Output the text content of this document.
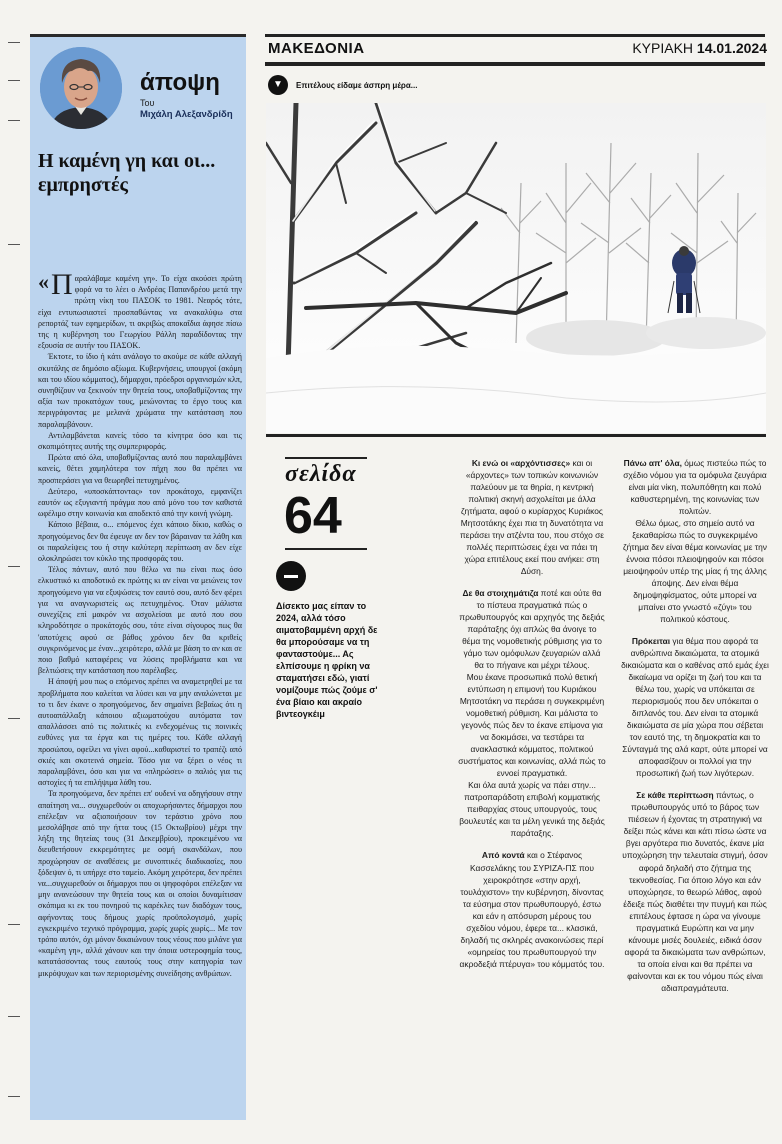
άποψη
Του
Μιχάλη Αλεξανδρίδη
Η καμένη γη και οι... εμπρηστές

« Π αραλάβαμε καμένη γη». Το είχα ακούσει πρώτη φορά να το λέει ο Ανδρέας Παπανδρέου μετά την πρώτη νίκη του ΠΑΣΟΚ το 1981. Νεαρός τότε, είχα εντυπωσιαστεί προσπαθώντας να ανακαλύψω στα ρεπορτάζ των εφημερίδων, τι ακριβώς αποκαΐδια άφησε πίσω της η κυβέρνηση του Γεωργίου Ράλλη παραδίδοντας την εξουσία σε αυτήν του ΠΑΣΟΚ.

Έκτοτε, το ίδιο ή κάτι ανάλογο το ακούμε σε κάθε αλλαγή σκυτάλης σε δημόσιο αξίωμα. Κυβερνήσεις, υπουργοί (ακόμη και του ιδίου κόμματος), δήμαρχοι, πρόεδροι οργανισμών κλπ, συνηθίζουν να ξεκινούν την θητεία τους, υποβαθμίζοντας την αξία των προκατόχων τους, μειώνοντας το έργο τους και περιγράφοντας με μελανά χρώματα την κατάσταση που παραλαμβάνουν.

Αντιλαμβάνεται κανείς τόσο τα κίνητρα όσο και τις σκοπιμότητες αυτής της συμπεριφοράς.

Πρώτα από όλα, υποβαθμίζοντας αυτό που παραλαμβάνει κανείς, θέτει χαμηλότερα τον πήχη που θα πρέπει να προσπεράσει για να θεωρηθεί πετυχημένος.

Δεύτερο, «υποσκάπτοντας» τον προκάτοχο, εμφανίζει εαυτόν ως εξυγιαντή πράγμα που από μόνο του τον καθιστά ωφέλιμο στην κοινωνία και αποδεκτό από την κοινή γνώμη.

Κάποιο βέβαια, ο... επόμενος έχει κάποιο δίκιο, καθώς ο προηγούμενος δεν θα έφευγε αν δεν τον βάραιναν τα λάθη και οι παραλείψεις του ή στην καλύτερη περίπτωση αν δεν είχε ολοκληρώσει τον κύκλο της προσφοράς του.

Τέλος πάντων, αυτό που θέλω να πω είναι πως όσο ελκυστικό κι αποδοτικό εκ πρώτης κι αν είναι να μειώνεις τον προηγούμενο για να εξυψώσεις τον εαυτό σου, αυτό δεν φέρει για να αναγνωριστείς ως πετυχημένος. Όταν μάλιστα συνεχίζεις επί μακρόν να ασχολείσαι με αυτό που σου κληροδότησε ο προκάτοχός σου, τότε είναι σίγουρος πως θα 'αποτύχεις αφού σε βάθος χρόνου δεν θα κριθείς συγκρινόμενος με έναν...χειρότερο, αλλά με βάση το αν και σε ποιο βαθμό καταφέρεις να λύσεις προβλήματα και να βελτιώσεις την κατάσταση που παρέλαβες.

Η άποψή μου πως ο επόμενος πρέπει να αναμετρηθεί με τα προβλήματα που καλείται να λύσει και να μην αναλώνεται με το τι δεν έκανε ο προηγούμενος, δεν σημαίνει βεβαίως ότι η αυτοαπάλλαξη κάποιου αξιωματούχου αυτόματα τον απαλλάσσει από τις πολιτικές κι ενδεχομένως τις ποινικές ευθύνες για τα έργα και τις ημέρες του. Κάθε αλλαγή προσώπου, οφείλει να γίνει αφού...καθαριστεί το τραπέζι από σκιές και σκοτεινά σημεία. Τόσο για να ξέρει ο νέος τι παραλαμβάνει, όσο και για να «πληρώσει» ο παλιός για τις αστοχίες ή τα επιλήψιμα λάθη του.

Τα προηγούμενα, δεν πρέπει επ' ουδενί να οδηγήσουν στην απαίτηση να... συγχωρεθούν οι αποχωρήσαντες δήμαρχοι που επέλεξαν να αξιοποιήσουν τον τεράστιο χρόνο που μεσολάβησε από την ήττα τους (15 Οκτωβρίου) μέχρι την λήξη της θητείας τους (31 Δεκεμβρίου), προκειμένου να διευθετήσουν εκκρεμότητες με οσμή σκανδάλων, που προχώρησαν σε αναθέσεις με συνοπτικές διαδικασίες, που ξόδεψαν ό, τι υπήρχε στο ταμείο. Ακόμη χειρότερα, δεν πρέπει να...συγχωρεθούν οι δήμαρχοι που οι ψηφοφόροι επέλεξαν να μην ανανεώσουν την θητεία τους και οι οποίοι δυναμίτισαν σκόπιμα κι εκ του πονηρού τις καρέκλες των διαδόχων τους, αφήνοντας τους δήμους χωρίς προϋπολογισμό, χωρίς εγκεκριμένο τεχνικό πρόγραμμα, χωρίς χωρίς χωρίς... Με τον τρόπο αυτόν, όχι μόνον δικαιώνουν τους νέους που μιλάνε για «καμένη γη», αλλά χάνουν και την όποια υστεροφημία τους, κατατάσσοντας τους εαυτούς τους στην κατηγορία των μικρόψυχων και των περιορισμένης συνείδησης ανθρώπων.

ΜΑΚΕΔΟΝΙΑ	ΚΥΡΙΑΚΗ 14.01.2024
▼	Επιτέλους είδαμε άσπρη μέρα...
σελίδα
64
Δίσεκτο μας είπαν το 2024, αλλά τόσο αιματοβαμμένη αρχή δε θα μπορούσαμε να τη φανταστούμε... Ας ελπίσουμε η φρίκη να σταματήσει εδώ, γιατί νομίζουμε πώς ζούμε σ' ένα βίαιο και ακραίο βιντεογκέιμ

Κι ενώ οι «αρχόντισσες» και οι «άρχοντες» των τοπικών κοινωνιών παλεύουν με τα θηρία, η κεντρική πολιτική σκηνή ασχολείται με άλλα ζητήματα, αφού ο κυρίαρχος Κυριάκος Μητσοτάκης έχει πια τη δυνατότητα να περάσει την ατζέντα του, που στόχο σε πολλές περιπτώσεις έχει να πάει τη χώρα επιτέλους εκεί που ανήκει: στη Δύση.

Δε θα στοιχημάτιζα ποτέ και ούτε θα το πίστευα πραγματικά πώς ο πρωθυπουργός και αρχηγός της δεξιάς παράταξης όχι απλώς θα άνοιγε το θέμα της νομοθετικής ρύθμισης για το γάμο των ομόφυλων ζευγαριών αλλά θα το πήγαινε και μέχρι τέλους.

Μου έκανε προσωπικά πολύ θετική εντύπωση η επιμονή του Κυριάκου Μητσοτάκη να περάσει η συγκεκριμένη νομοθετική ρύθμιση. Και μάλιστα το γεγονός πώς δεν το έκανε επίμονα για να δοκιμάσει, να τεστάρει τα ανακλαστικά κόμματος, πολιτικού συστήματος και κοινωνίας, αλλά πώς το εννοεί πραγματικά.

Και όλα αυτά χωρίς να πάει στην... πατροπαράδοτη επιβολή κομματικής πειθαρχίας στους υπουργούς, τους βουλευτές και τα μέλη γενικά της δεξιάς παράταξης.

Από κοντά και ο Στέφανος Κασσελάκης του ΣΥΡΙΖΑ-ΠΣ που χειροκρότησε «στην αρχή, τουλάχιστον» την κυβέρνηση, δίνοντας τα εύσημα στον πρωθυπουργό, έστω και εάν η απόσυρση μέρους του σχεδίου νόμου, έφερε τα... κλασικά, δηλαδή τις σκληρές ανακοινώσεις περί «ομηρείας του πρωθυπουργού την ακροδεξιά πτέρυγα» του κόμματός του.

Πάνω απ' όλα, όμως πιστεύω πώς το σχέδιο νόμου για τα ομόφυλα ζευγάρια είναι μία νίκη, πολυπόθητη και πολύ καθυστερημένη, της κοινωνίας των πολιτών.

Θέλω όμως, στο σημείο αυτό να ξεκαθαρίσω πώς το συγκεκριμένο ζήτημα δεν είναι θέμα κοινωνίας με την έννοια πόσοι πλειοψηφούν και πόσοι μειοψηφούν υπέρ της μίας ή της άλλης άποψης. Δεν είναι θέμα δημοψηφίσματος, ούτε μπορεί να μπαίνει στο γνωστό «ζύγι» του πολιτικού κόστους.

Πρόκειται για θέμα που αφορά τα ανθρώπινα δικαιώματα, τα ατομικά δικαιώματα και ο καθένας από εμάς έχει δικαίωμα να ορίζει τη ζωή του και τα θέλω του, χωρίς να υπόκειται σε περιορισμούς που δεν υπόκειται ο διπλανός του. Δεν είναι τα ατομικά δικαιώματα σε μία χώρα που σέβεται τον εαυτό της, τη δημοκρατία και το Σύνταγμά της αλά καρτ, ούτε μπορεί να αποφασίζουν οι πολλοί για την προσωπική ζωή των λιγότερων.

Σε κάθε περίπτωση πάντως, ο πρωθυπουργός υπό το βάρος των πιέσεων ή έχοντας τη στρατηγική να δείξει πώς κάνει και κάτι πίσω ώστε να βγει αργότερα πιο δυνατός, έκανε μία υποχώρηση την τελευταία στιγμή, όσον αφορά δηλαδή στο ζήτημα της τεκνοθεσίας. Για όποιο λόγο και εάν υποχώρησε, το θεωρώ λάθος, αφού έδειξε πώς διαθέτει την πυγμή και πώς επιτέλους έφτασε η ώρα να γίνουμε πραγματικά Ευρώπη και να μην κάνουμε μισές δουλειές, ειδικά όσον αφορά τα δικαιώματα των ανθρώπων, τα οποία είναι και θα πρέπει να φαίνονται και εκ του νόμου πώς είναι αδιαπραγμάτευτα.
